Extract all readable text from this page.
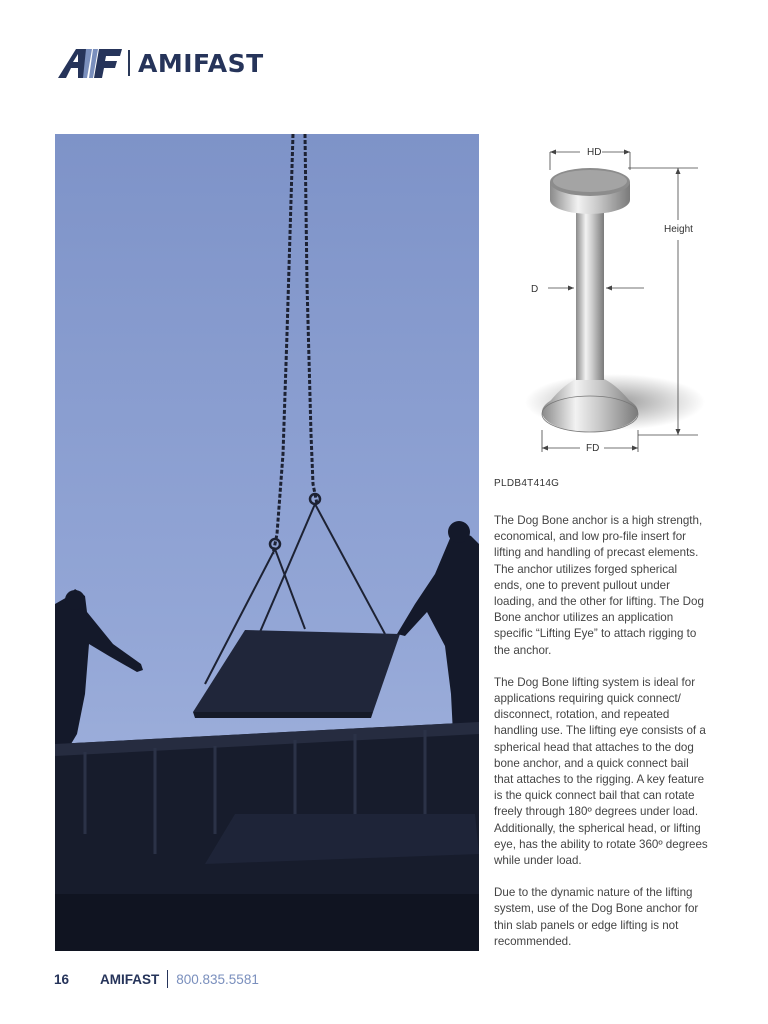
AMIFAST
HD
Height
D
FD
PLDB4T414G

The Dog Bone anchor is a high strength, economical, and low pro-file insert for lifting and handling of precast elements. The anchor utilizes forged spherical ends, one to prevent pullout under loading, and the other for lifting. The Dog Bone anchor utilizes an application specific “Lifting Eye” to attach rigging to the anchor.

The Dog Bone lifting system is ideal for applications requiring quick connect/ disconnect, rotation, and repeated handling use. The lifting eye consists of a spherical head that attaches to the dog bone anchor, and a quick connect bail that attaches to the rigging. A key feature is the quick connect bail that can rotate freely through 180º degrees under load. Additionally, the spherical head, or lifting eye, has the ability to rotate 360º degrees while under load.

Due to the dynamic nature of the lifting system, use of the Dog Bone anchor for thin slab panels or edge lifting is not recommended.

16	AMIFAST 800.835.5581
